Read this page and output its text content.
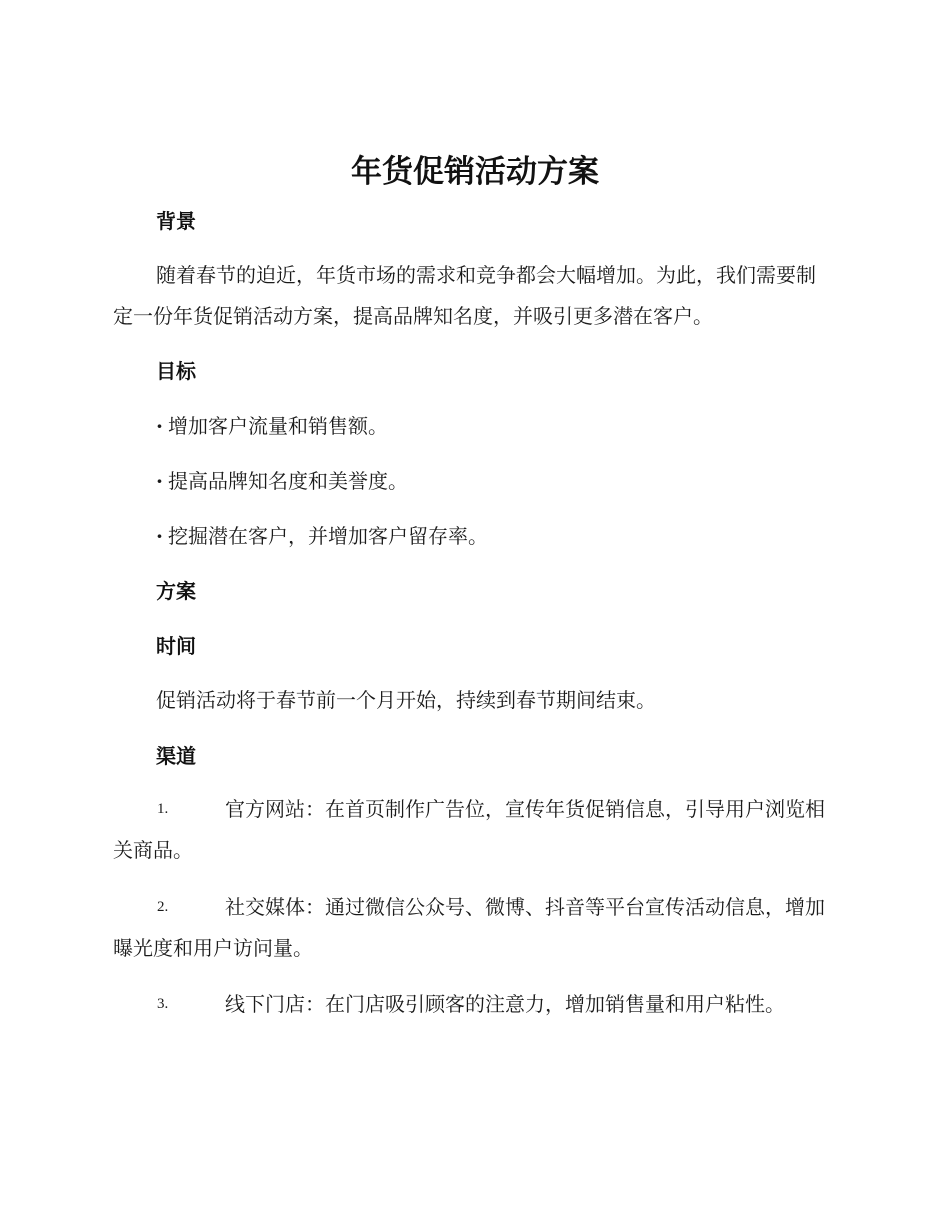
年货促销活动方案
背景

随着春节的迫近，年货市场的需求和竞争都会大幅增加。为此，我们需要制定一份年货促销活动方案，提高品牌知名度，并吸引更多潜在客户。

目标
· 增加客户流量和销售额。
· 提高品牌知名度和美誉度。
· 挖掘潜在客户，并增加客户留存率。
方案
时间

促销活动将于春节前一个月开始，持续到春节期间结束。

渠道
1.	官方网站：在首页制作广告位，宣传年货促销信息，引导用户浏览相关商品。
2.	社交媒体：通过微信公众号、微博、抖音等平台宣传活动信息，增加曝光度和用户访问量。
3.	线下门店：在门店吸引顾客的注意力，增加销售量和用户粘性。
